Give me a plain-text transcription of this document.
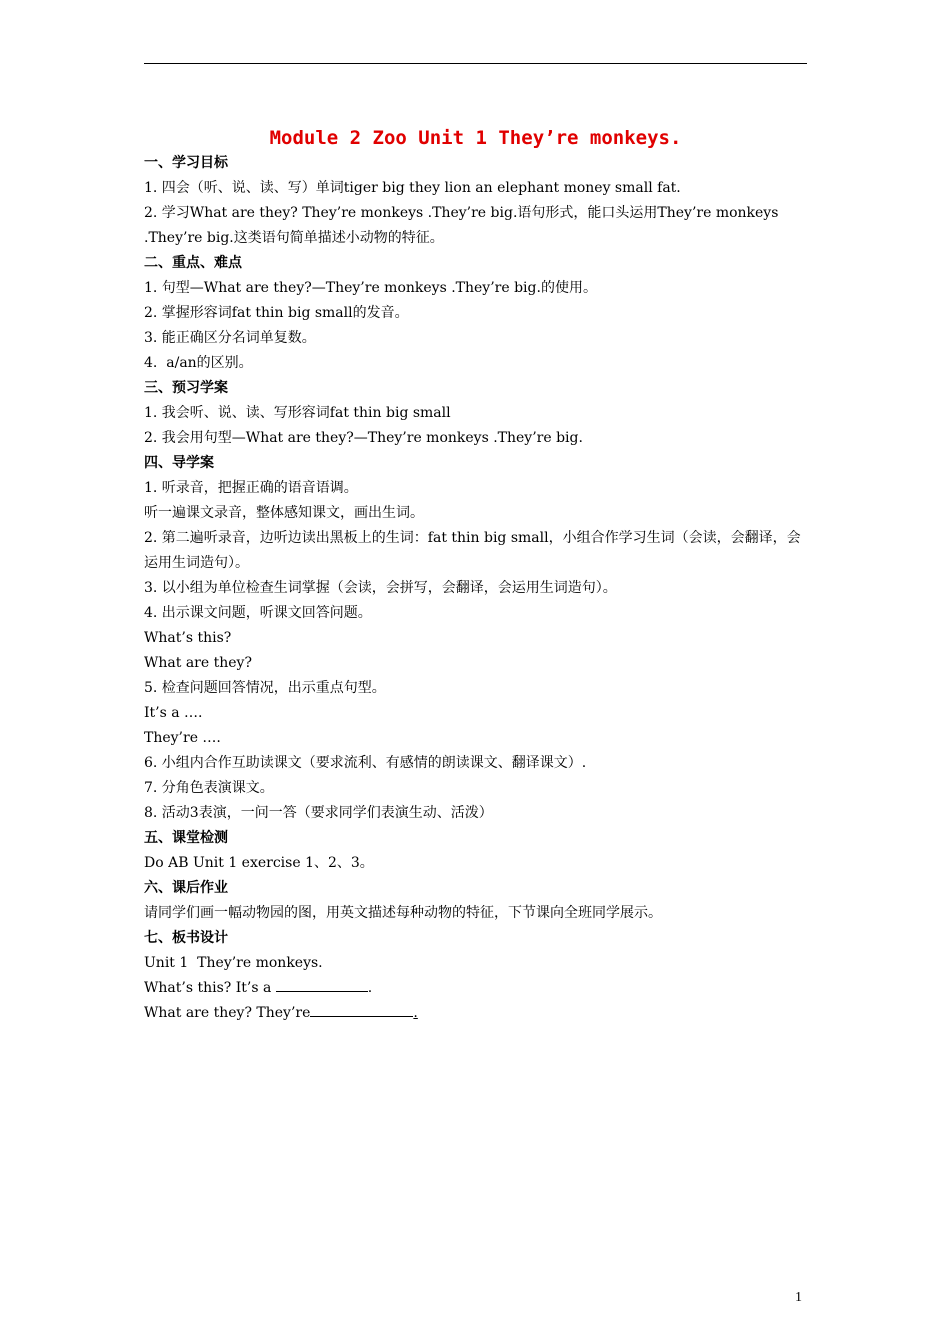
Module 2 Zoo Unit 1 They’re monkeys.
一、学习目标
1. 四会（听、说、读、写）单词tiger big they lion an elephant money small fat.
2. 学习What are they? They’re monkeys .They’re big.语句形式，能口头运用They’re monkeys .They’re big.这类语句简单描述小动物的特征。
二、重点、难点
1. 句型—What are they?—They’re monkeys .They’re big.的使用。
2. 掌握形容词fat thin big small的发音。
3. 能正确区分名词单复数。
4.  a/an的区别。
三、预习学案
1. 我会听、说、读、写形容词fat thin big small
2. 我会用句型—What are they?—They’re monkeys .They’re big.
四、导学案
1. 听录音，把握正确的语音语调。
听一遍课文录音，整体感知课文，画出生词。
2. 第二遍听录音，边听边读出黑板上的生词：fat thin big small，小组合作学习生词（会读，会翻译，会运用生词造句）。
3. 以小组为单位检查生词掌握（会读，会拼写，会翻译，会运用生词造句）。
4. 出示课文问题，听课文回答问题。
What’s this?
What are they?
5. 检查问题回答情况，出示重点句型。
It’s a ….
They’re ….
6. 小组内合作互助读课文（要求流利、有感情的朗读课文、翻译课文）.
7. 分角色表演课文。
8. 活动3表演，一问一答（要求同学们表演生动、活泼）
五、课堂检测
Do AB Unit 1 exercise 1、2、3。
六、课后作业
请同学们画一幅动物园的图，用英文描述每种动物的特征，下节课向全班同学展示。
七、板书设计
Unit 1  They’re monkeys.
What’s this? It’s a	.
What are they? They’re	.
1
